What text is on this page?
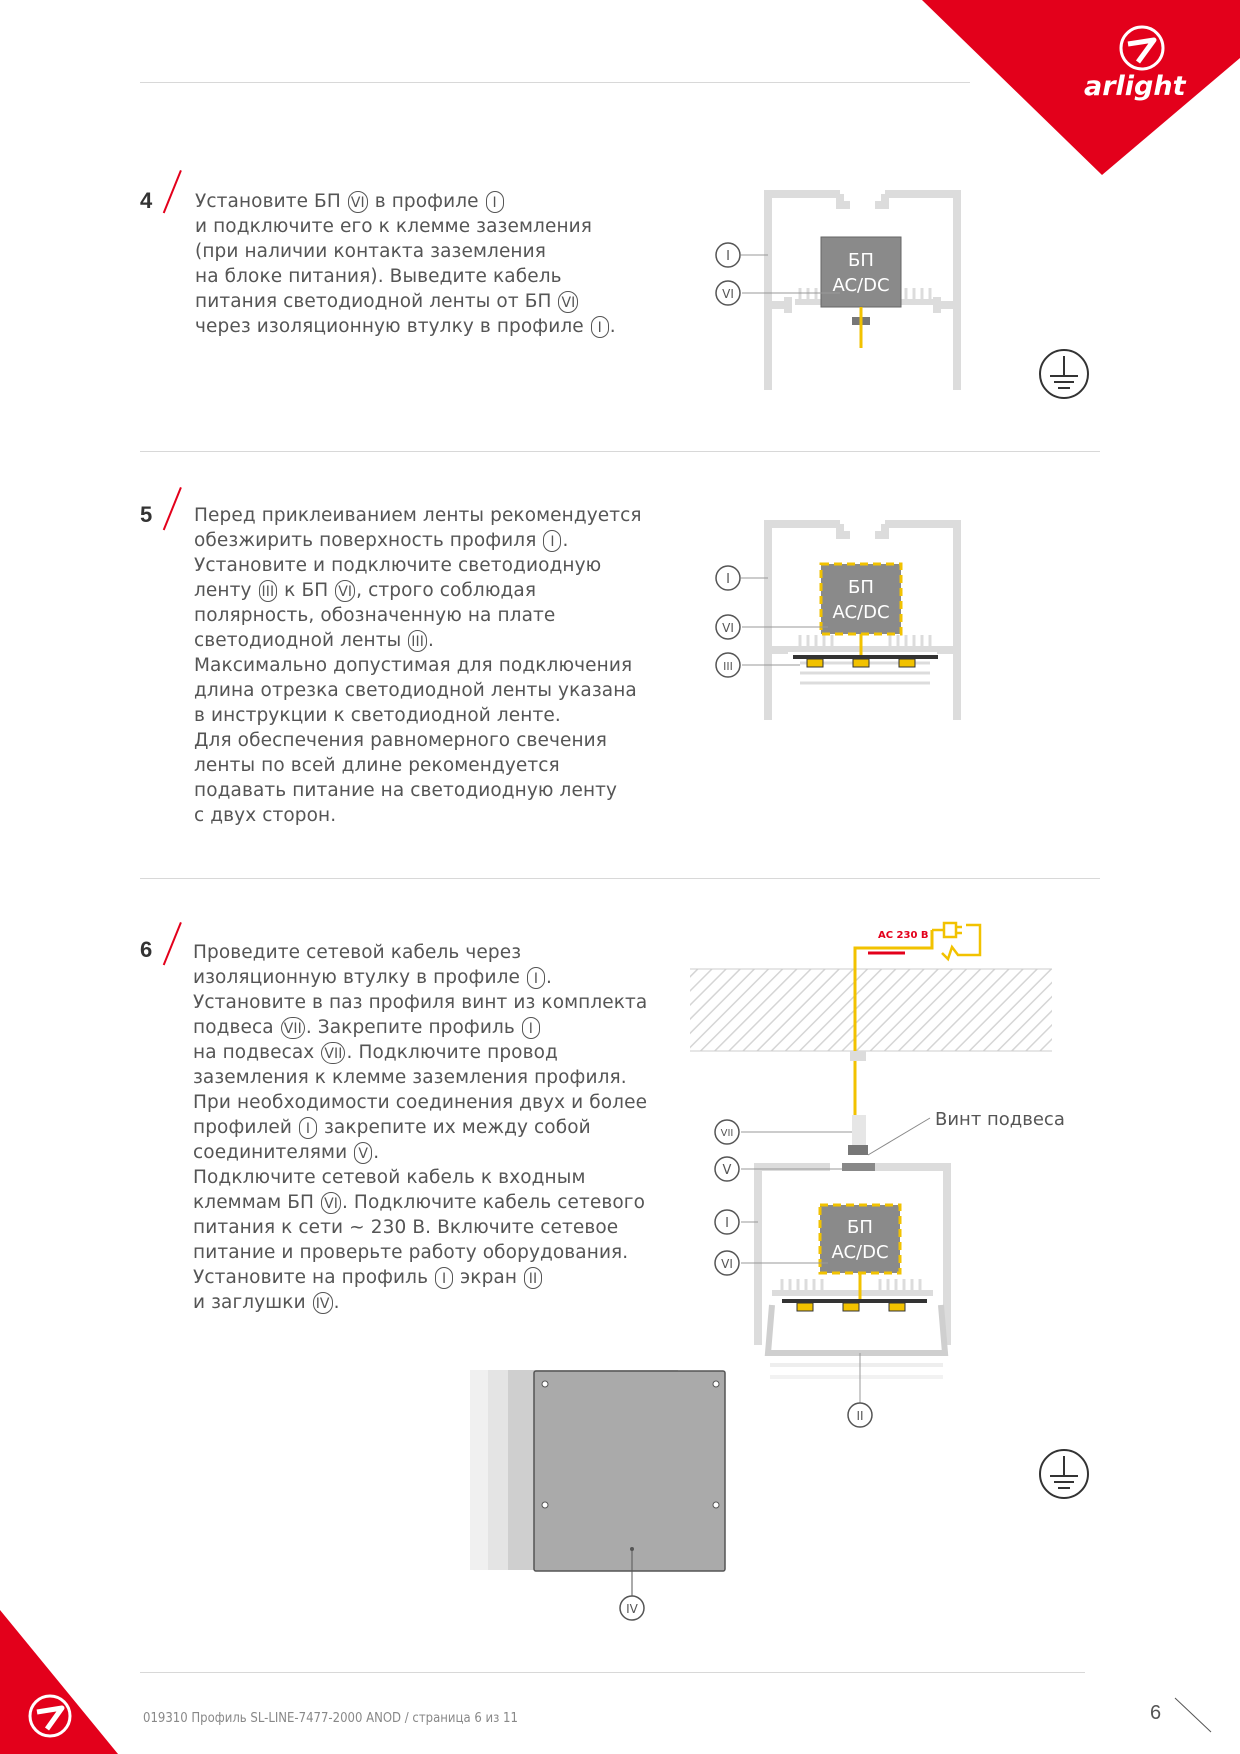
arlight
4 Установите БП VI в профиле I
и подключите его к клемме заземления
(при наличии контакта заземления
на блоке питания). Выведите кабель
питания светодиодной ленты от БП VI
через изоляционную втулку в профиле I .
5 Перед приклеиванием ленты рекомендуется
обезжирить поверхность профиля I .
Установите и подключите светодиодную
ленту III к БП VI , строго соблюдая
полярность, обозначенную на плате
светодиодной ленты III .
Максимально допустимая для подключения
длина отрезка светодиодной ленты указана
в инструкции к светодиодной ленте.
Для обеспечения равномерного свечения
ленты по всей длине рекомендуется
подавать питание на светодиодную ленту
с двух сторон.
6 Проведите сетевой кабель через
изоляционную втулку в профиле I .
Установите в паз профиля винт из комплекта
подвеса VII . Закрепите профиль I
на подвесах VII . Подключите провод
заземления к клемме заземления профиля.
При необходимости соединения двух и более
профилей I закрепите их между собой
соединителями V .
Подключите сетевой кабель к входным
клеммам БП VI . Подключите кабель сетевого
питания к сети ~ 230 В. Включите сетевое
питание и проверьте работу оборудования.
Установите на профиль I экран II
и заглушки IV .
БП
AC/DC
I
VI
БП
AC/DC
I
VI
III
AC 230 В
Винт подвеса
БП
AC/DC
VII
V
I
VI
II
IV
019310 Профиль SL-LINE-7477-2000 ANOD / страница 6 из 11	6
